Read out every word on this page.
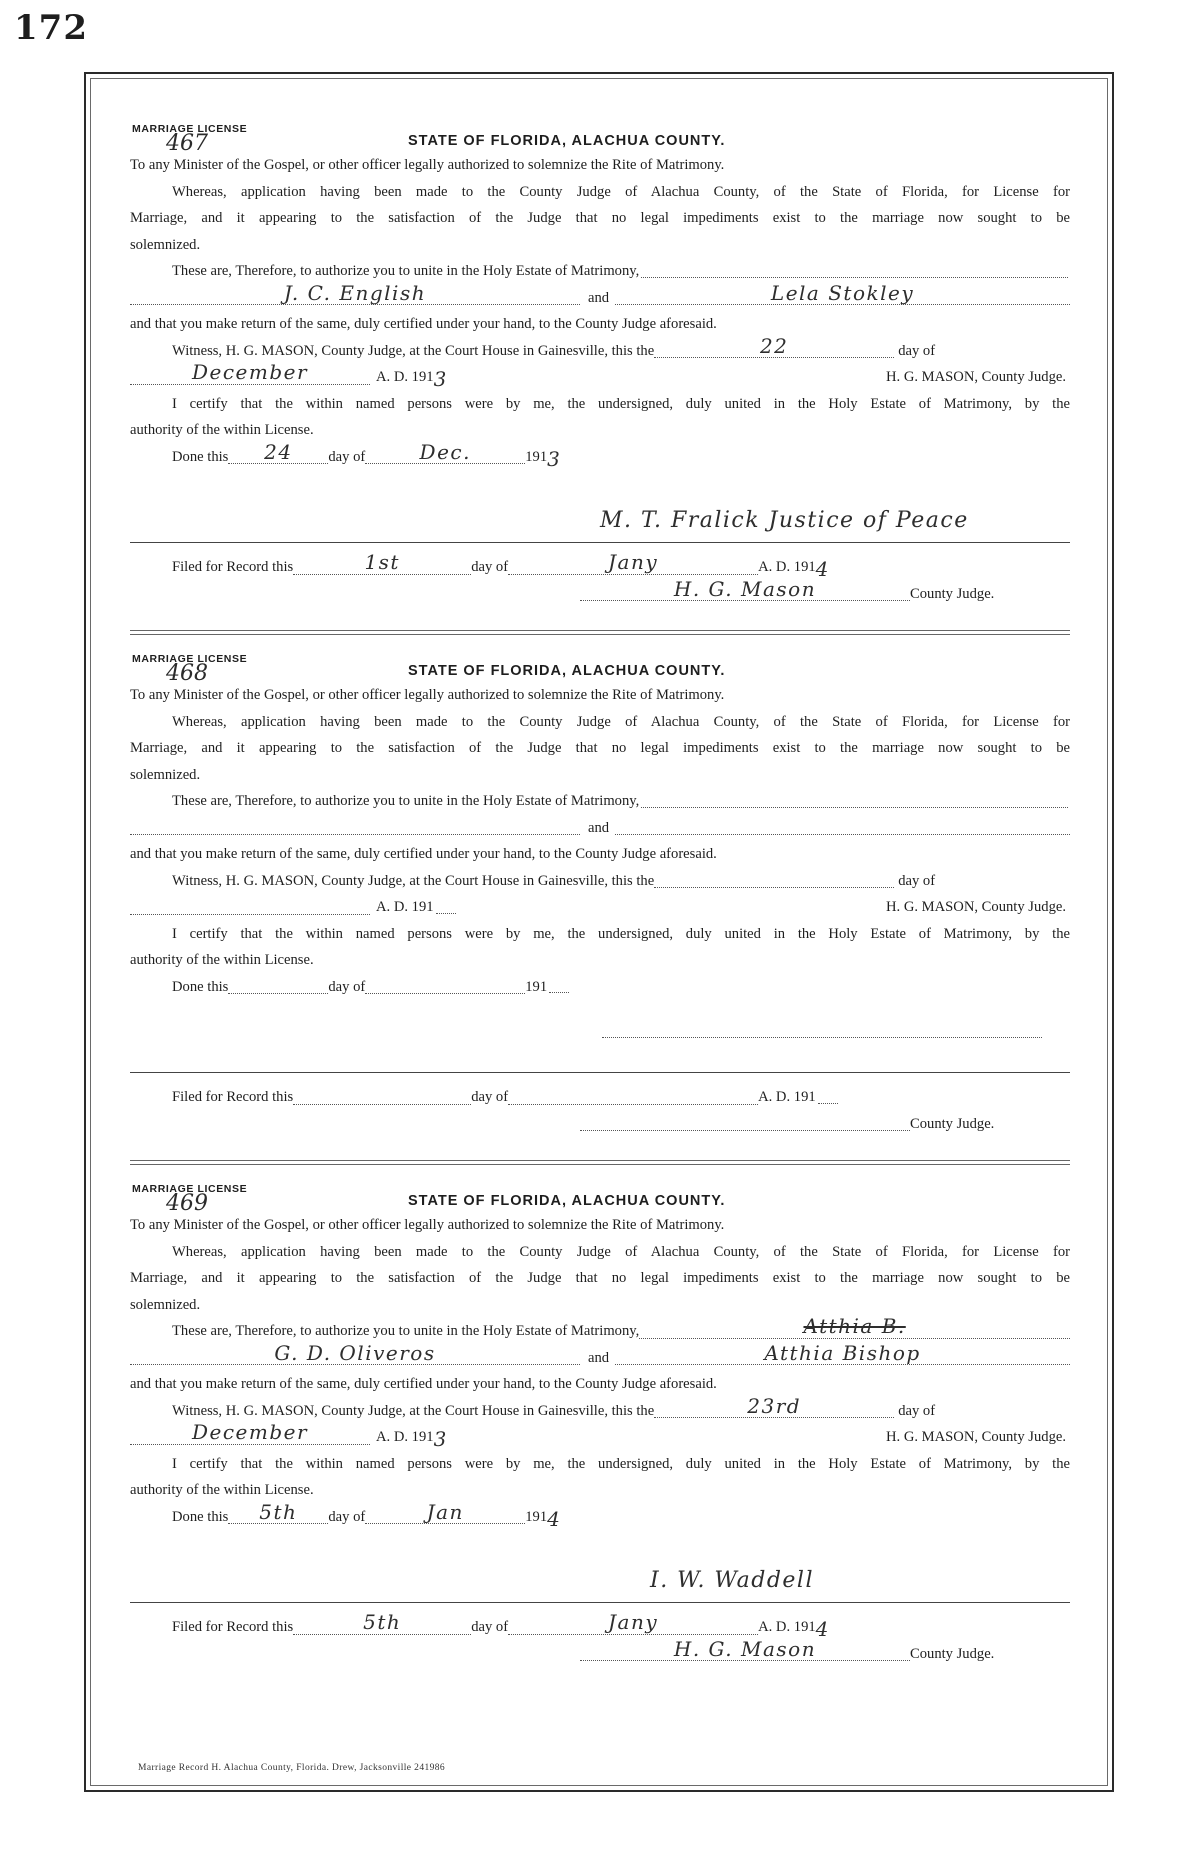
172
MARRIAGE LICENSE
467	STATE OF FLORIDA, ALACHUA COUNTY.
To any Minister of the Gospel, or other officer legally authorized to solemnize the Rite of Matrimony.
Whereas, application having been made to the County Judge of Alachua County, of the State of Florida, for License for
Marriage, and it appearing to the satisfaction of the Judge that no legal impediments exist to the marriage now sought to be
solemnized.
These are, Therefore, to authorize you to unite in the Holy Estate of Matrimony,
J. C. English	and	Lela Stokley
and that you make return of the same, duly certified under your hand, to the County Judge aforesaid.
Witness, H. G. MASON, County Judge, at the Court House in Gainesville, this the	22	day of
December	A. D. 191 3	H. G. MASON, County Judge.
I certify that the within named persons were by me, the undersigned, duly united in the Holy Estate of Matrimony, by the
authority of the within License.
Done this 24 day of	Dec.	191 3
M. T. Fralick Justice of Peace
Filed for Record this	1st	day of	Jany	A. D. 191 4
H. G. Mason	County Judge.
MARRIAGE LICENSE
468	STATE OF FLORIDA, ALACHUA COUNTY.
To any Minister of the Gospel, or other officer legally authorized to solemnize the Rite of Matrimony.
Whereas, application having been made to the County Judge of Alachua County, of the State of Florida, for License for
Marriage, and it appearing to the satisfaction of the Judge that no legal impediments exist to the marriage now sought to be
solemnized.
These are, Therefore, to authorize you to unite in the Holy Estate of Matrimony,
and
and that you make return of the same, duly certified under your hand, to the County Judge aforesaid.
Witness, H. G. MASON, County Judge, at the Court House in Gainesville, this the	day of
A. D. 191	H. G. MASON, County Judge.
I certify that the within named persons were by me, the undersigned, duly united in the Holy Estate of Matrimony, by the
authority of the within License.
Done this	day of	191
Filed for Record this	day of	A. D. 191
County Judge.
MARRIAGE LICENSE
469	STATE OF FLORIDA, ALACHUA COUNTY.
To any Minister of the Gospel, or other officer legally authorized to solemnize the Rite of Matrimony.
Whereas, application having been made to the County Judge of Alachua County, of the State of Florida, for License for
Marriage, and it appearing to the satisfaction of the Judge that no legal impediments exist to the marriage now sought to be
solemnized.
These are, Therefore, to authorize you to unite in the Holy Estate of Matrimony,	Atthia B.
G. D. Oliveros	and	Atthia Bishop
and that you make return of the same, duly certified under your hand, to the County Judge aforesaid.
Witness, H. G. MASON, County Judge, at the Court House in Gainesville, this the	23rd	day of
December	A. D. 191 3	H. G. MASON, County Judge.
I certify that the within named persons were by me, the undersigned, duly united in the Holy Estate of Matrimony, by the
authority of the within License.
Done this 5th day of	Jan	191 4
I. W. Waddell
Filed for Record this	5th	day of	Jany	A. D. 191 4
H. G. Mason	County Judge.
Marriage Record H. Alachua County, Florida. Drew, Jacksonville 241986
